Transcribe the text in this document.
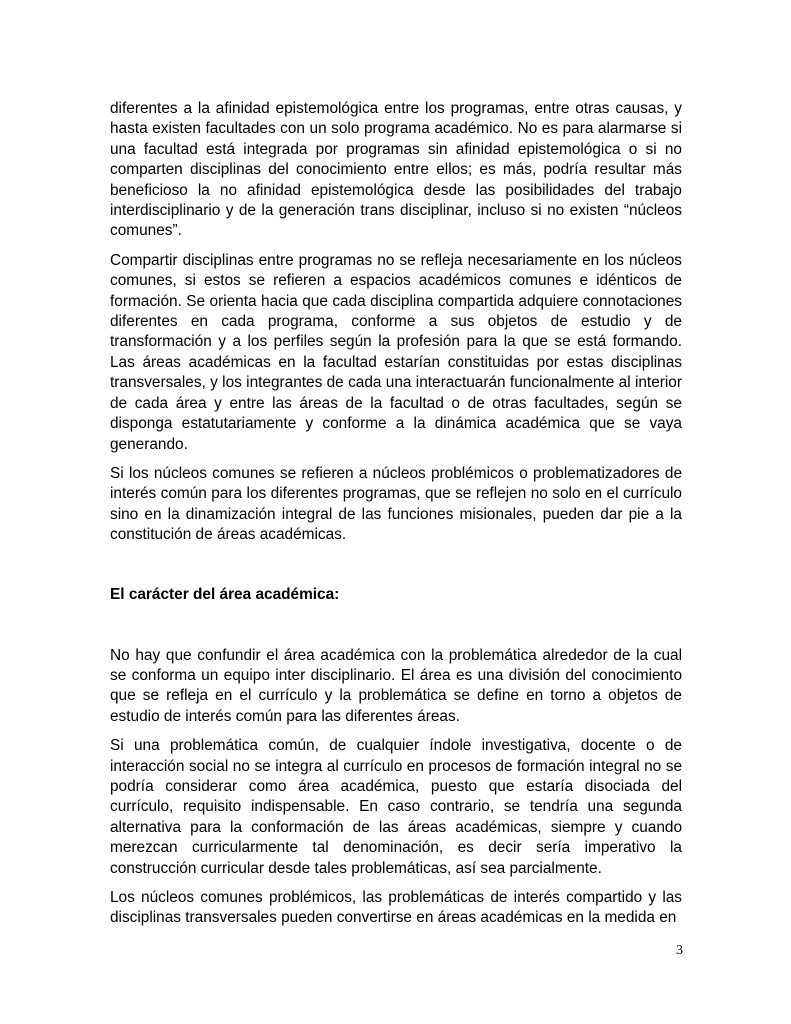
diferentes a la afinidad epistemológica entre los programas, entre otras causas, y hasta existen facultades con un solo programa académico. No es para alarmarse si una facultad está integrada por programas sin afinidad epistemológica o si no comparten disciplinas del conocimiento entre ellos; es más, podría resultar más beneficioso la no afinidad epistemológica desde las posibilidades del trabajo interdisciplinario y de la generación trans disciplinar, incluso si no existen “núcleos comunes”.

Compartir disciplinas entre programas no se refleja necesariamente en los núcleos comunes, si estos se refieren a espacios académicos comunes e idénticos de formación. Se orienta hacia que cada disciplina compartida adquiere connotaciones diferentes en cada programa, conforme a sus objetos de estudio y de transformación y a los perfiles según la profesión para la que se está formando. Las áreas académicas en la facultad estarían constituidas por estas disciplinas transversales, y los integrantes de cada una interactuarán funcionalmente al interior de cada área y entre las áreas de la facultad o de otras facultades, según se disponga estatutariamente y conforme a la dinámica académica que se vaya generando.

Si los núcleos comunes se refieren a núcleos problémicos o problematizadores de interés común para los diferentes programas, que se reflejen no solo en el currículo sino en la dinamización integral de las funciones misionales, pueden dar pie a la constitución de áreas académicas.

El carácter del área académica:

No hay que confundir el área académica con la problemática alrededor de la cual se conforma un equipo inter disciplinario. El área es una división del conocimiento que se refleja en el currículo y la problemática se define en torno a objetos de estudio de interés común para las diferentes áreas.

Si una problemática común, de cualquier índole investigativa, docente o de interacción social no se integra al currículo en procesos de formación integral no se podría considerar como área académica, puesto que estaría disociada del currículo, requisito indispensable. En caso contrario, se tendría una segunda alternativa para la conformación de las áreas académicas, siempre y cuando merezcan curricularmente tal denominación, es decir sería imperativo la construcción curricular desde tales problemáticas, así sea parcialmente.

Los núcleos comunes problémicos, las problemáticas de interés compartido y las disciplinas transversales pueden convertirse en áreas académicas en la medida en

3
